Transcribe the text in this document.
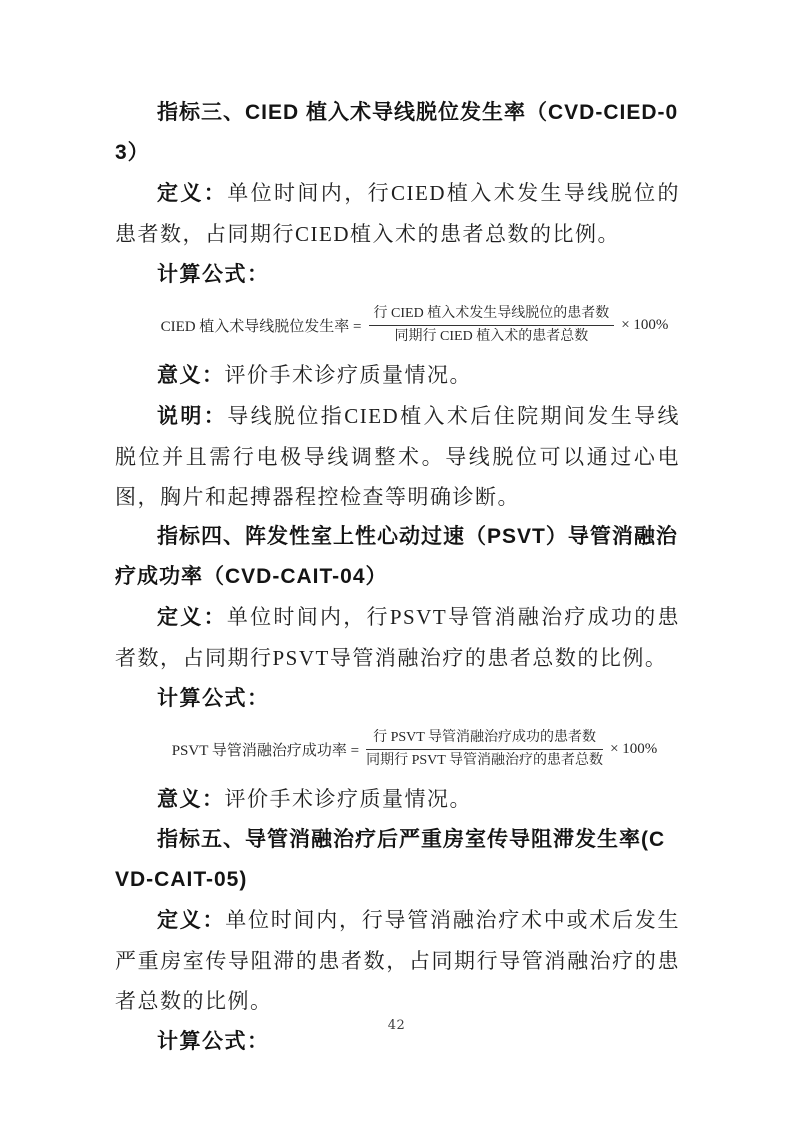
指标三、CIED 植入术导线脱位发生率（CVD-CIED-03）

定义：单位时间内，行CIED植入术发生导线脱位的患者数，占同期行CIED植入术的患者总数的比例。

计算公式：

CIED 植入术导线脱位发生率 = $\frac{\text{行 CIED 植入术发生导线脱位的患者数}}{\text{同期行 CIED 植入术的患者总数}} \times 100\%$

意义：评价手术诊疗质量情况。

说明：导线脱位指CIED植入术后住院期间发生导线脱位并且需行电极导线调整术。导线脱位可以通过心电图，胸片和起搏器程控检查等明确诊断。

指标四、阵发性室上性心动过速（PSVT）导管消融治疗成功率（CVD-CAIT-04）

定义：单位时间内，行PSVT导管消融治疗成功的患者数，占同期行PSVT导管消融治疗的患者总数的比例。

计算公式：

PSVT 导管消融治疗成功率 = $\frac{\text{行 PSVT 导管消融治疗成功的患者数}}{\text{同期行 PSVT 导管消融治疗的患者总数}} \times 100\%$

意义：评价手术诊疗质量情况。

指标五、导管消融治疗后严重房室传导阻滞发生率(CVD-CAIT-05)

定义：单位时间内，行导管消融治疗术中或术后发生严重房室传导阻滞的患者数，占同期行导管消融治疗的患者总数的比例。

计算公式：

42
